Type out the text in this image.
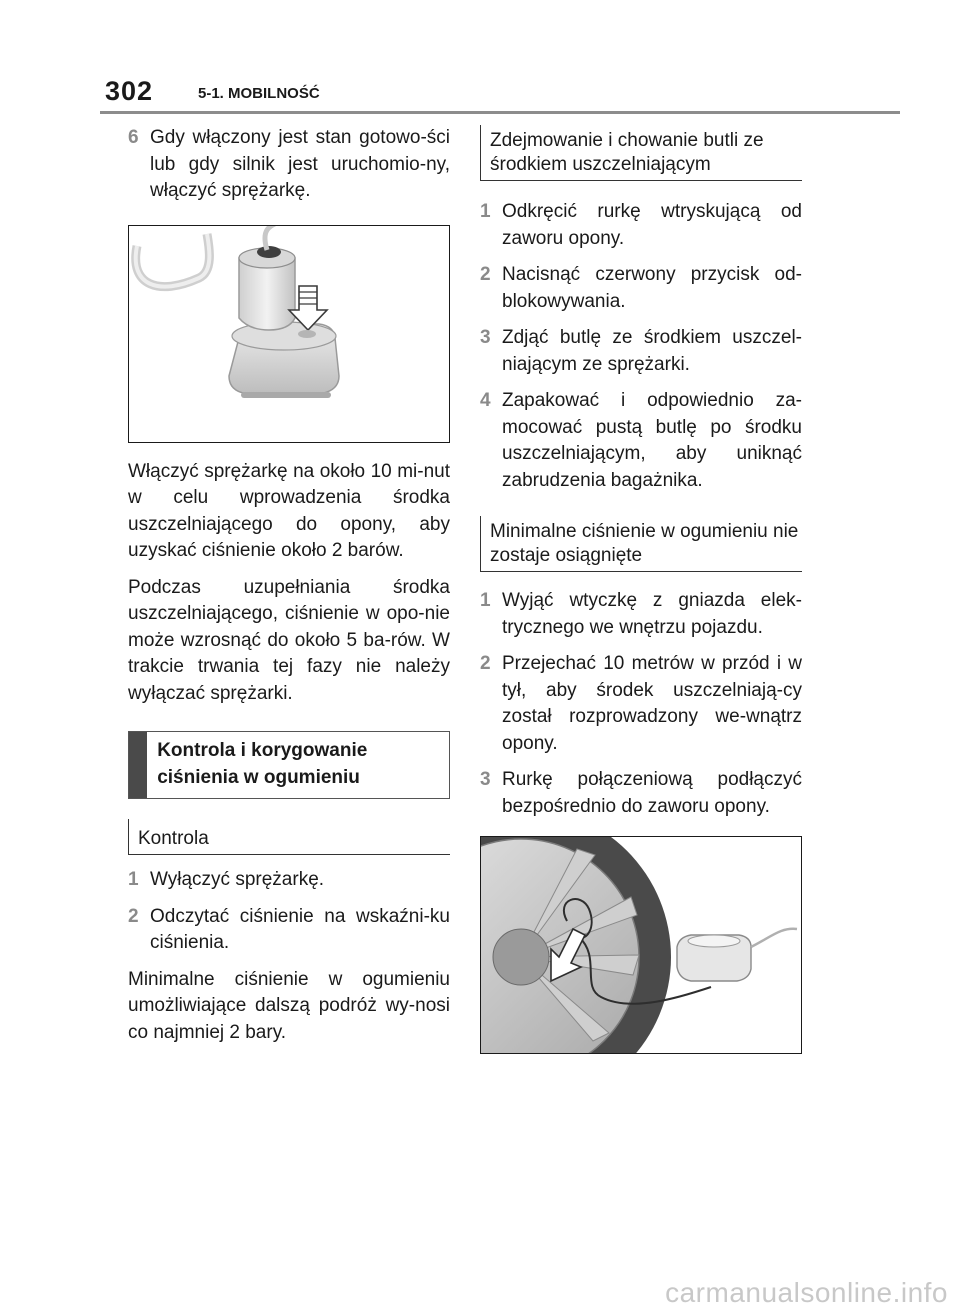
302	5-1. MOBILNOŚĆ
6 Gdy włączony jest stan gotowo-ści lub gdy silnik jest uruchomio-ny, włączyć sprężarkę.

Włączyć sprężarkę na około 10 mi-nut w celu wprowadzenia środka uszczelniającego do opony, aby uzyskać ciśnienie około 2 barów.

Podczas uzupełniania środka uszczelniającego, ciśnienie w opo-nie może wzrosnąć do około 5 ba-rów. W trakcie trwania tej fazy nie należy wyłączać sprężarki.

Kontrola i korygowanie ciśnienia w ogumieniu
Kontrola
1 Wyłączyć sprężarkę.

2 Odczytać ciśnienie na wskaźni-ku ciśnienia.

Minimalne ciśnienie w ogumieniu umożliwiające dalszą podróż wy-nosi co najmniej 2 bary.

Zdejmowanie i chowanie butli ze środkiem uszczelniającym
1 Odkręcić rurkę wtryskującą od zaworu opony.

2 Nacisnąć czerwony przycisk od-blokowywania.

3 Zdjąć butlę ze środkiem uszczel-niającym ze sprężarki.

4 Zapakować i odpowiednio za-mocować pustą butlę po środku uszczelniającym, aby uniknąć zabrudzenia bagażnika.

Minimalne ciśnienie w ogumieniu nie zostaje osiągnięte
1 Wyjąć wtyczkę z gniazda elek-trycznego we wnętrzu pojazdu.

2 Przejechać 10 metrów w przód i w tył, aby środek uszczelniają-cy został rozprowadzony we-wnątrz opony.

3 Rurkę połączeniową podłączyć bezpośrednio do zaworu opony.

carmanualsonline.info
